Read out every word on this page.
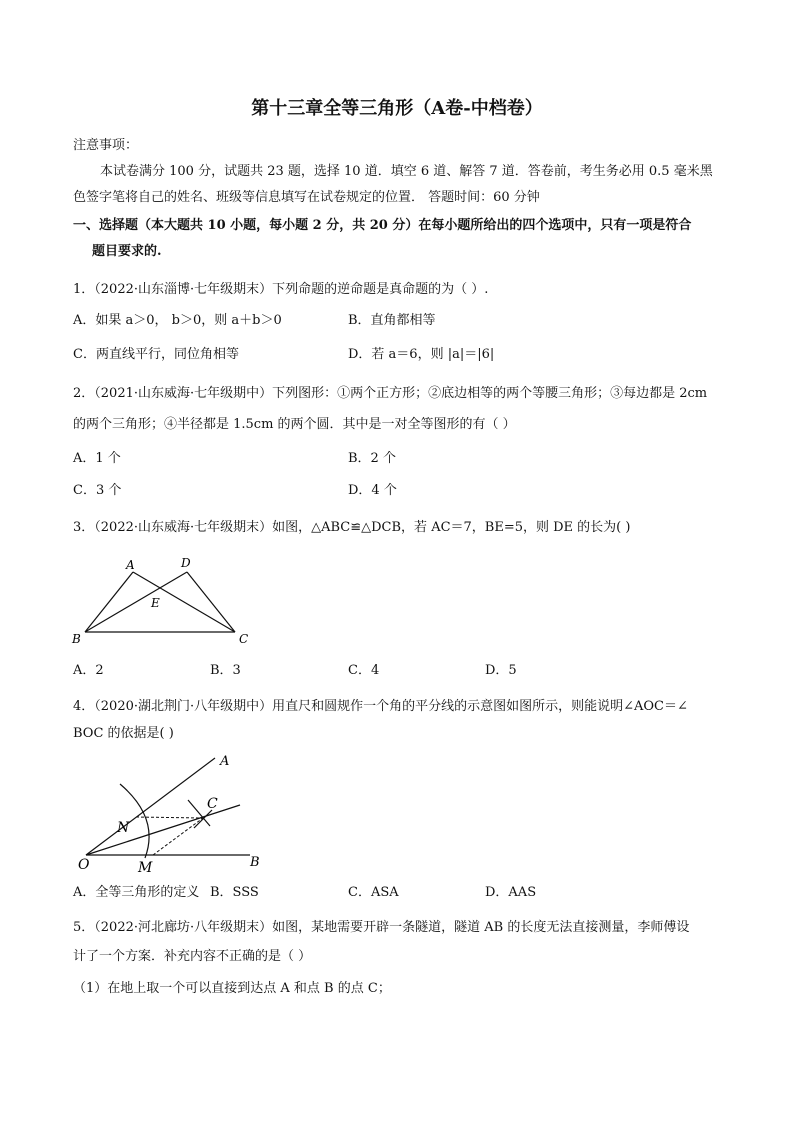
第十三章全等三角形（A卷-中档卷）
注意事项：
本试卷满分 100 分，试题共 23 题，选择 10 道．填空 6 道、解答 7 道．答卷前，考生务必用 0.5 毫米黑
色签字笔将自己的姓名、班级等信息填写在试卷规定的位置． 答题时间：60 分钟
一、选择题（本大题共 10 小题，每小题 2 分，共 20 分）在每小题所给出的四个选项中，只有一项是符合
题目要求的.
1．（2022·山东淄博·七年级期末）下列命题的逆命题是真命题的为（ ）.
A．如果 a＞0， b＞0，则 a＋b＞0	B．直角都相等
C．两直线平行，同位角相等	D．若 a＝6，则 |a|＝|6|
2．（2021·山东威海·七年级期中）下列图形：①两个正方形；②底边相等的两个等腰三角形；③每边都是 2cm
的两个三角形；④半径都是 1.5cm 的两个圆．其中是一对全等图形的有（ ）
A．1 个	B．2 个
C．3 个	D．4 个
3．（2022·山东威海·七年级期末）如图，△ABC≌△DCB，若 AC＝7，BE=5，则 DE 的长为( )
A	D
E
B	C
A．2	B．3	C．4	D．5
4．（2020·湖北荆门·八年级期中）用直尺和圆规作一个角的平分线的示意图如图所示，则能说明∠AOC＝∠
BOC 的依据是( )
A
C
N
O	M	B
A．全等三角形的定义 B．SSS	C．ASA	D．AAS
5．（2022·河北廊坊·八年级期末）如图，某地需要开辟一条隧道，隧道 AB 的长度无法直接测量，李师傅设
计了一个方案．补充内容不正确的是（ ）
（1）在地上取一个可以直接到达点 A 和点 B 的点 C；
